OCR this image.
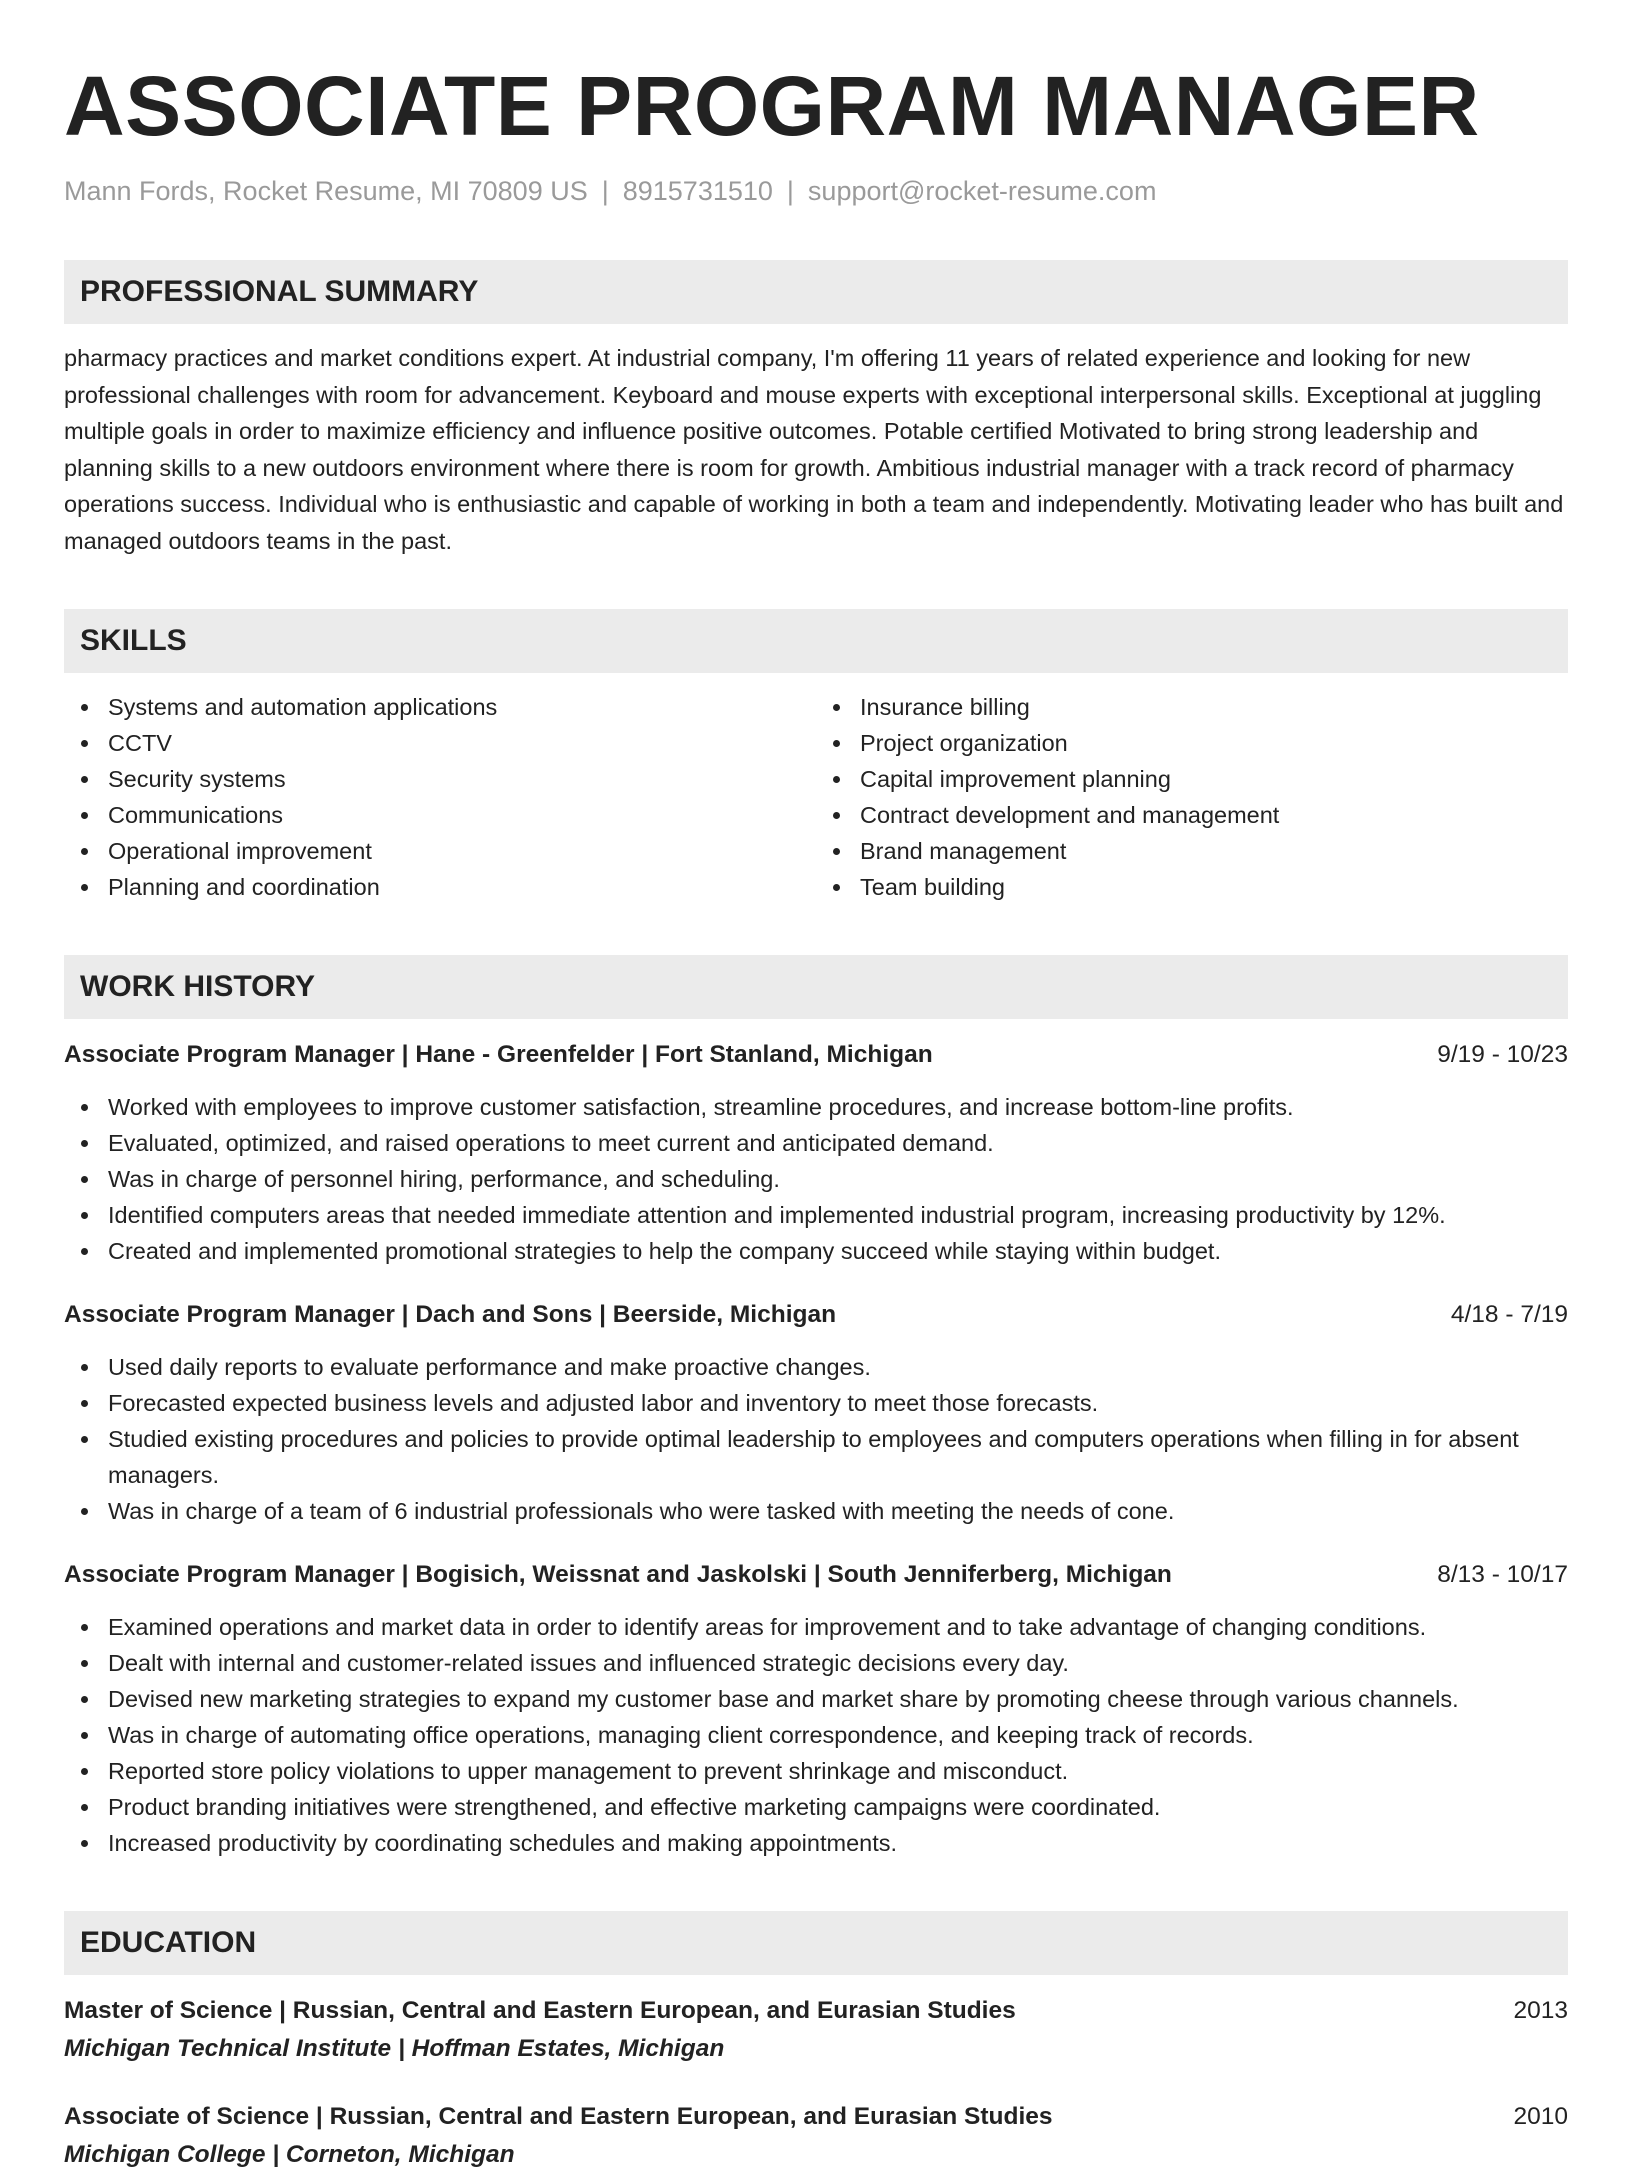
ASSOCIATE PROGRAM MANAGER
Mann Fords, Rocket Resume, MI 70809 US | 8915731510 | support@rocket-resume.com
PROFESSIONAL SUMMARY

pharmacy practices and market conditions expert. At industrial company, I'm offering 11 years of related experience and looking for new professional challenges with room for advancement. Keyboard and mouse experts with exceptional interpersonal skills. Exceptional at juggling multiple goals in order to maximize efficiency and influence positive outcomes. Potable certified Motivated to bring strong leadership and planning skills to a new outdoors environment where there is room for growth. Ambitious industrial manager with a track record of pharmacy operations success. Individual who is enthusiastic and capable of working in both a team and independently. Motivating leader who has built and managed outdoors teams in the past.

SKILLS
Systems and automation applications
CCTV
Security systems
Communications
Operational improvement
Planning and coordination
Insurance billing
Project organization
Capital improvement planning
Contract development and management
Brand management
Team building
WORK HISTORY
Associate Program Manager | Hane - Greenfelder | Fort Stanland, Michigan	9/19 - 10/23
Worked with employees to improve customer satisfaction, streamline procedures, and increase bottom-line profits.
Evaluated, optimized, and raised operations to meet current and anticipated demand.
Was in charge of personnel hiring, performance, and scheduling.
Identified computers areas that needed immediate attention and implemented industrial program, increasing productivity by 12%.
Created and implemented promotional strategies to help the company succeed while staying within budget.
Associate Program Manager | Dach and Sons | Beerside, Michigan	4/18 - 7/19
Used daily reports to evaluate performance and make proactive changes.
Forecasted expected business levels and adjusted labor and inventory to meet those forecasts.
Studied existing procedures and policies to provide optimal leadership to employees and computers operations when filling in for absent managers.
Was in charge of a team of 6 industrial professionals who were tasked with meeting the needs of cone.
Associate Program Manager | Bogisich, Weissnat and Jaskolski | South Jenniferberg, Michigan	8/13 - 10/17
Examined operations and market data in order to identify areas for improvement and to take advantage of changing conditions.
Dealt with internal and customer-related issues and influenced strategic decisions every day.
Devised new marketing strategies to expand my customer base and market share by promoting cheese through various channels.
Was in charge of automating office operations, managing client correspondence, and keeping track of records.
Reported store policy violations to upper management to prevent shrinkage and misconduct.
Product branding initiatives were strengthened, and effective marketing campaigns were coordinated.
Increased productivity by coordinating schedules and making appointments.
EDUCATION
Master of Science | Russian, Central and Eastern European, and Eurasian Studies	2013
Michigan Technical Institute | Hoffman Estates, Michigan
Associate of Science | Russian, Central and Eastern European, and Eurasian Studies	2010
Michigan College | Corneton, Michigan
